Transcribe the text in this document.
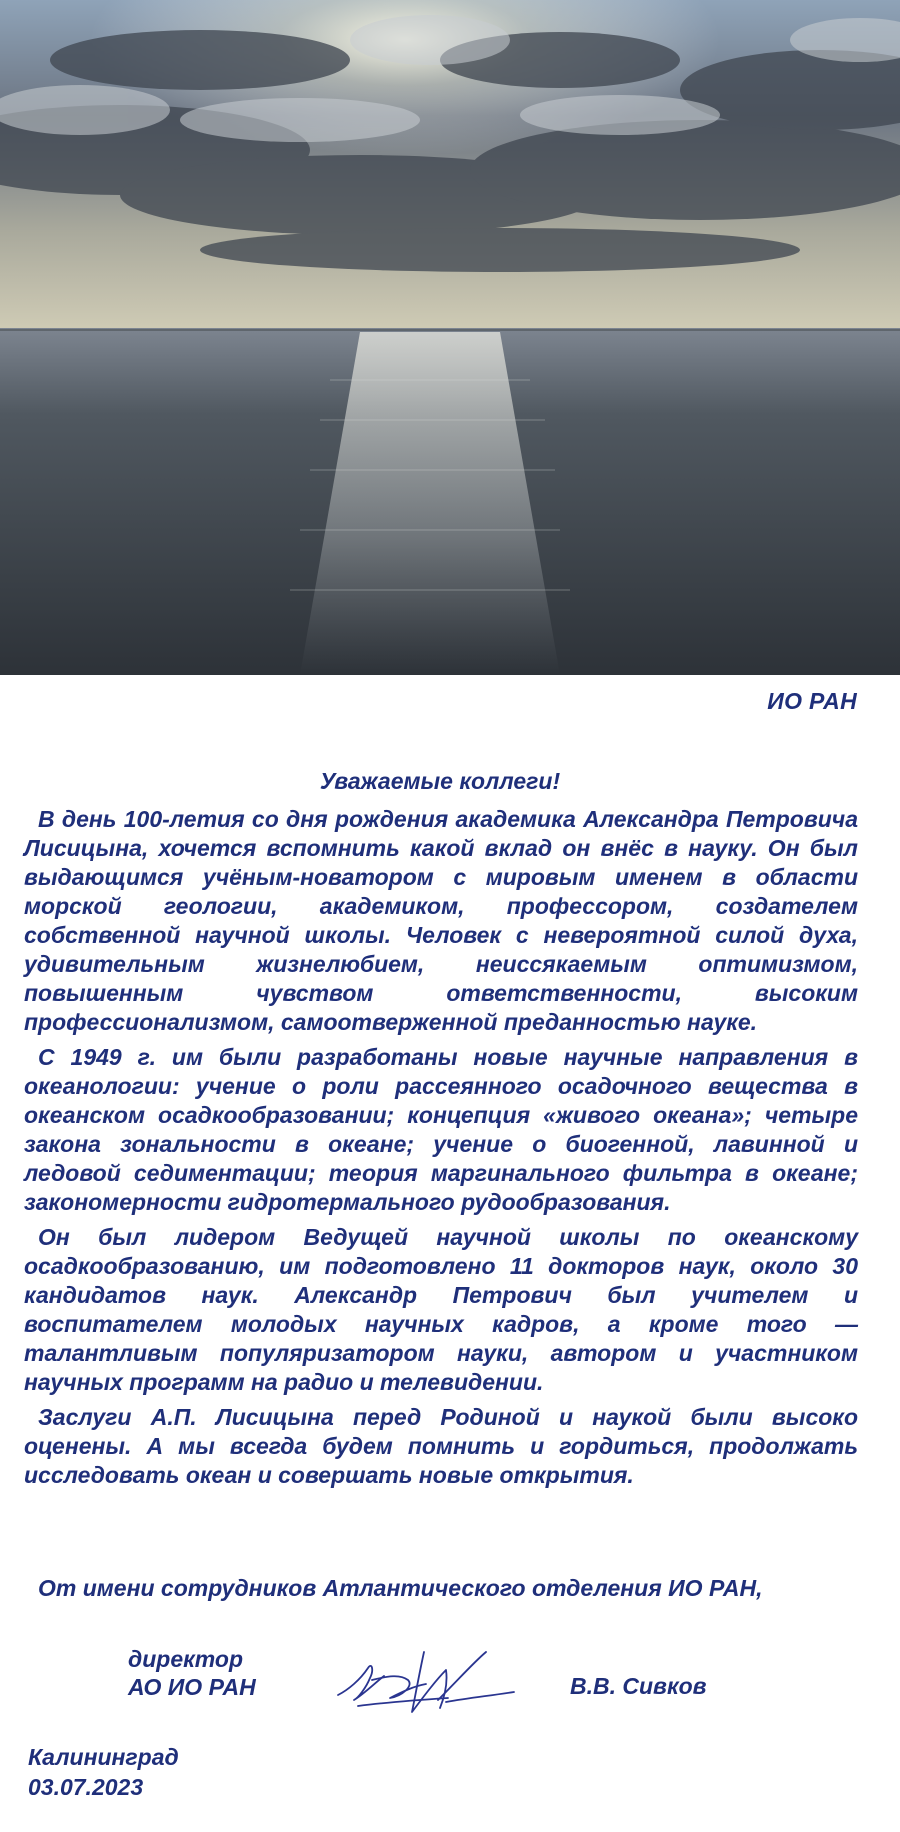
ИО РАН
Уважаемые коллеги!

В день 100-летия со дня рождения академика Александра Петровича Лисицына, хочется вспомнить какой вклад он внёс в науку. Он был выдающимся учёным-новатором с мировым именем в области морской геологии, академиком, профессором, создателем собственной научной школы. Человек с невероятной силой духа, удивительным жизнелюбием, неиссякаемым оптимизмом, повышенным чувством ответственности, высоким профессионализмом, самоотверженной преданностью науке.

С 1949 г. им были разработаны новые научные направления в океанологии: учение о роли рассеянного осадочного вещества в океанском осадкообразовании; концепция «живого океана»; четыре закона зональности в океане; учение о биогенной, лавинной и ледовой седиментации; теория маргинального фильтра в океане; закономерности гидротермального рудообразования.

Он был лидером Ведущей научной школы по океанскому осадкообразованию, им подготовлено 11 докторов наук, около 30 кандидатов наук. Александр Петрович был учителем и воспитателем молодых научных кадров, а кроме того — талантливым популяризатором науки, автором и участником научных программ на радио и телевидении.

Заслуги А.П. Лисицына перед Родиной и наукой были высоко оценены. А мы всегда будем помнить и гордиться, продолжать исследовать океан и совершать новые открытия.

От имени сотрудников Атлантического отделения ИО РАН,
директор
АО ИО РАН	В.В. Сивков
Калининград
03.07.2023
